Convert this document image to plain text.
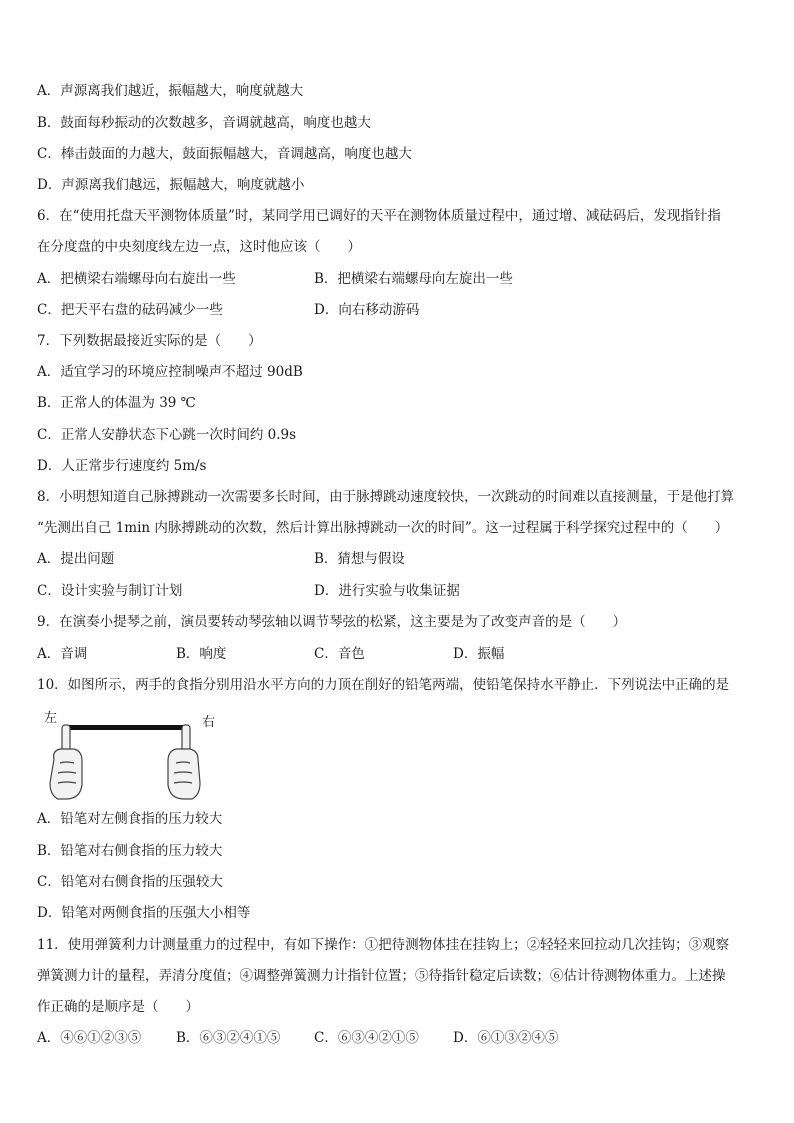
A．声源离我们越近，振幅越大，响度就越大
B．鼓面每秒振动的次数越多，音调就越高，响度也越大
C．棒击鼓面的力越大，鼓面振幅越大，音调越高，响度也越大
D．声源离我们越远，振幅越大，响度就越小
6．在“使用托盘天平测物体质量”时，某同学用已调好的天平在测物体质量过程中，通过增、减砝码后，发现指针指
在分度盘的中央刻度线左边一点，这时他应该（　　）
A．把横梁右端螺母向右旋出一些	B．把横梁右端螺母向左旋出一些
C．把天平右盘的砝码减少一些	D．向右移动游码
7．下列数据最接近实际的是（　　）
A．适宜学习的环境应控制噪声不超过 90dB
B．正常人的体温为 39 ℃
C．正常人安静状态下心跳一次时间约 0.9s
D．人正常步行速度约 5m/s
8．小明想知道自己脉搏跳动一次需要多长时间，由于脉搏跳动速度较快，一次跳动的时间难以直接测量，于是他打算
“先测出自己 1min 内脉搏跳动的次数，然后计算出脉搏跳动一次的时间”。这一过程属于科学探究过程中的（　　）
A．提出问题	B．猜想与假设
C．设计实验与制订计划	D．进行实验与收集证据
9．在演奏小提琴之前，演员要转动琴弦轴以调节琴弦的松紧，这主要是为了改变声音的是（　　）
A．音调	B．响度	C．音色	D．振幅
10．如图所示，两手的食指分别用沿水平方向的力顶在削好的铅笔两端，使铅笔保持水平静止．下列说法中正确的是
左	右
A．铅笔对左侧食指的压力较大
B．铅笔对右侧食指的压力较大
C．铅笔对右侧食指的压强较大
D．铅笔对两侧食指的压强大小相等
11．使用弹簧利力计测量重力的过程中，有如下操作：①把待测物体挂在挂钩上；②轻轻来回拉动几次挂钩；③观察
弹簧测力计的量程，弄清分度值；④调整弹簧测力计指针位置；⑤待指针稳定后读数；⑥估计待测物体重力。上述操
作正确的是顺序是（　　）
A．④⑥①②③⑤	B．⑥③②④①⑤ C．⑥③④②①⑤	D．⑥①③②④⑤
